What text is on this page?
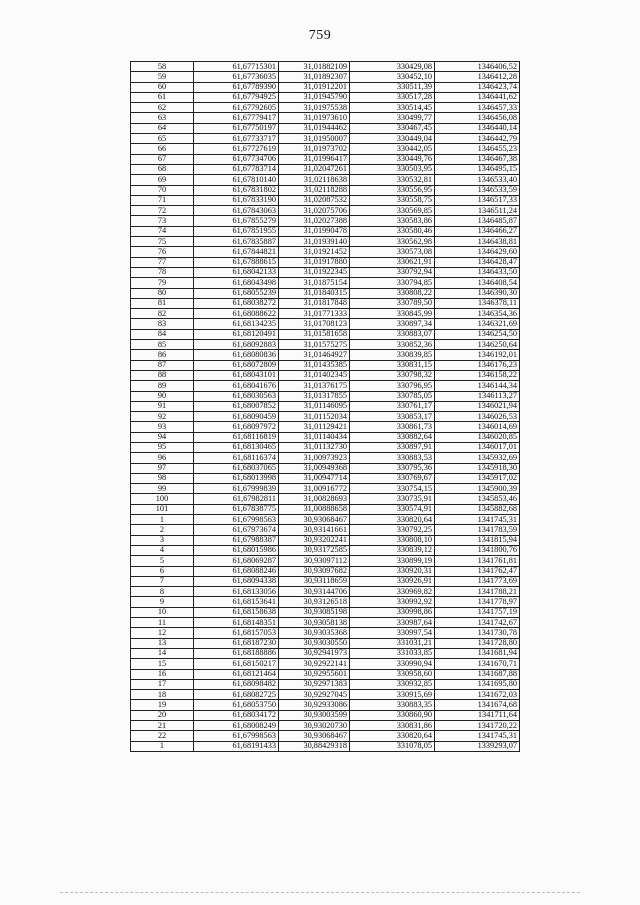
759
58	61,67715301	31,01882109	330429,08	1346406,52
59	61,67736035	31,01892307	330452,10	1346412,28
60	61,67789390	31,01912201	330511,39	1346423,74
61	61,67794925	31,01945790	330517,28	1346441,62
62	61,67792605	31,01975538	330514,45	1346457,33
63	61,67779417	31,01973610	330499,77	1346456,08
64	61,67750197	31,01944462	330467,45	1346440,14
65	61,67733717	31,01950007	330449,04	1346442,79
66	61,67727619	31,01973702	330442,05	1346455,23
67	61,67734706	31,01996417	330449,76	1346467,38
68	61,67783714	31,02047261	330503,95	1346495,15
69	61,67810140	31,02118638	330532,81	1346533,40
70	61,67831802	31,02118288	330556,95	1346533,59
71	61,67833190	31,02087532	330558,75	1346517,33
72	61,67843063	31,02075706	330569,85	1346511,24
73	61,67855279	31,02027388	330583,86	1346485,87
74	61,67851955	31,01990478	330580,46	1346466,27
75	61,67835887	31,01939140	330562,98	1346438,81
76	61,67844821	31,01921452	330573,08	1346429,60
77	61,67888615	31,01917880	330621,91	1346428,47
78	61,68042133	31,01922345	330792,94	1346433,50
79	61,68043498	31,01875154	330794,85	1346408,54
80	61,68055239	31,01840315	330808,22	1346390,30
81	61,68038272	31,01817848	330789,50	1346378,11
82	61,68088622	31,01771333	330845,99	1346354,36
83	61,68134235	31,01708123	330897,34	1346321,69
84	61,68120491	31,01581658	330883,07	1346254,50
85	61,68092883	31,01575275	330852,36	1346250,64
86	61,68080836	31,01464927	330839,85	1346192,01
87	61,68072809	31,01435385	330831,15	1346176,23
88	61,68043101	31,01402345	330798,32	1346158,22
89	61,68041676	31,01376175	330796,95	1346144,34
90	61,68030563	31,01317855	330785,05	1346113,27
91	61,68007852	31,01146095	330761,17	1346021,94
92	61,68090459	31,01152034	330853,17	1346026,53
93	61,68097972	31,01129421	330861,73	1346014,69
94	61,68116819	31,01140434	330882,64	1346020,85
95	61,68130465	31,01132730	330897,91	1346017,01
96	61,68116374	31,00973923	330883,53	1345932,69
97	61,68037065	31,00949368	330795,36	1345918,30
98	61,68013998	31,00947714	330769,67	1345917,02
99	61,67999839	31,00916772	330754,15	1345900,39
100	61,67982811	31,00828693	330735,91	1345853,46
101	61,67838775	31,00888658	330574,91	1345882,68
1	61,67998563	30,93068467	330820,64	1341745,31
2	61,67973674	30,93141661	330792,25	1341783,59
3	61,67988387	30,93202241	330808,10	1341815,94
4	61,68015986	30,93172585	330839,12	1341800,76
5	61,68069287	30,93097112	330899,19	1341761,81
6	61,68088246	30,93097682	330920,31	1341762,47
7	61,68094338	30,93118659	330926,91	1341773,69
8	61,68133056	30,93144706	330969,82	1341788,21
9	61,68153641	30,93126518	330992,92	1341778,97
10	61,68158638	30,93085198	330998,86	1341757,19
11	61,68148351	30,93058138	330987,64	1341742,67
12	61,68157053	30,93035368	330997,54	1341730,78
13	61,68187230	30,93030550	331031,21	1341728,80
14	61,68188886	30,92941973	331033,85	1341681,94
15	61,68150217	30,92922141	330990,94	1341670,71
16	61,68121464	30,92955601	330958,60	1341687,88
17	61,68098482	30,92971383	330932,85	1341695,80
18	61,68082725	30,92927045	330915,69	1341672,03
19	61,68053750	30,92933086	330883,35	1341674,68
20	61,68034172	30,93003599	330860,90	1341711,64
21	61,68008249	30,93020730	330831,86	1341720,22
22	61,67998563	30,93068467	330820,64	1341745,31
1	61,68191433	30,88429318	331078,05	1339293,07
